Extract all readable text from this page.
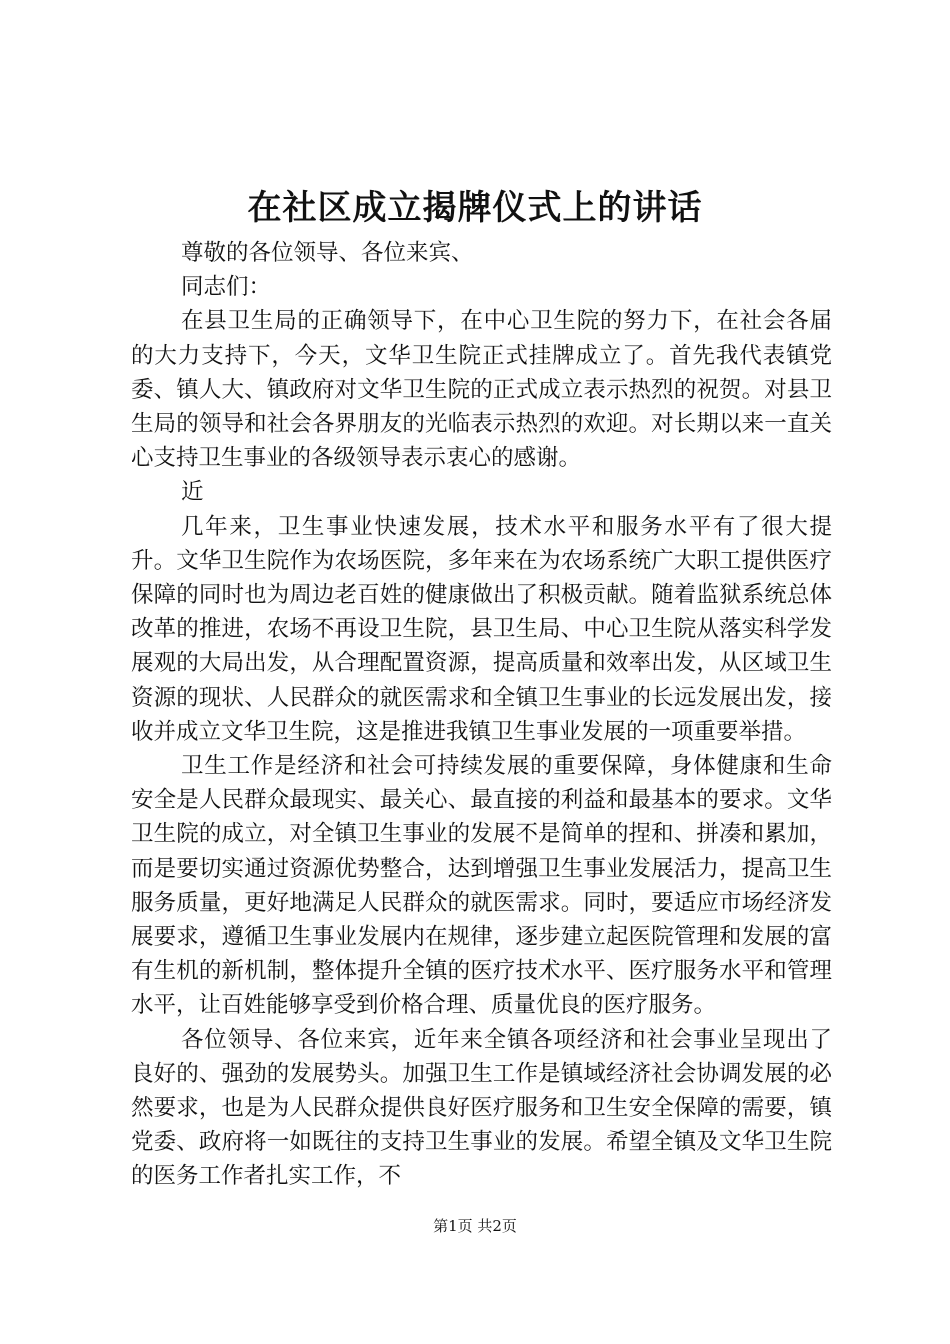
在社区成立揭牌仪式上的讲话

尊敬的各位领导、各位来宾、

同志们：

在县卫生局的正确领导下，在中心卫生院的努力下，在社会各届的大力支持下，今天，文华卫生院正式挂牌成立了。首先我代表镇党委、镇人大、镇政府对文华卫生院的正式成立表示热烈的祝贺。对县卫生局的领导和社会各界朋友的光临表示热烈的欢迎。对长期以来一直关心支持卫生事业的各级领导表示衷心的感谢。

近

几年来，卫生事业快速发展，技术水平和服务水平有了很大提升。文华卫生院作为农场医院，多年来在为农场系统广大职工提供医疗保障的同时也为周边老百姓的健康做出了积极贡献。随着监狱系统总体改革的推进，农场不再设卫生院，县卫生局、中心卫生院从落实科学发展观的大局出发，从合理配置资源，提高质量和效率出发，从区域卫生资源的现状、人民群众的就医需求和全镇卫生事业的长远发展出发，接收并成立文华卫生院，这是推进我镇卫生事业发展的一项重要举措。

卫生工作是经济和社会可持续发展的重要保障，身体健康和生命安全是人民群众最现实、最关心、最直接的利益和最基本的要求。文华卫生院的成立，对全镇卫生事业的发展不是简单的捏和、拼凑和累加，而是要切实通过资源优势整合，达到增强卫生事业发展活力，提高卫生服务质量，更好地满足人民群众的就医需求。同时，要适应市场经济发展要求，遵循卫生事业发展内在规律，逐步建立起医院管理和发展的富有生机的新机制，整体提升全镇的医疗技术水平、医疗服务水平和管理水平，让百姓能够享受到价格合理、质量优良的医疗服务。

各位领导、各位来宾，近年来全镇各项经济和社会事业呈现出了良好的、强劲的发展势头。加强卫生工作是镇域经济社会协调发展的必然要求，也是为人民群众提供良好医疗服务和卫生安全保障的需要，镇党委、政府将一如既往的支持卫生事业的发展。希望全镇及文华卫生院的医务工作者扎实工作，不

第1页 共2页
